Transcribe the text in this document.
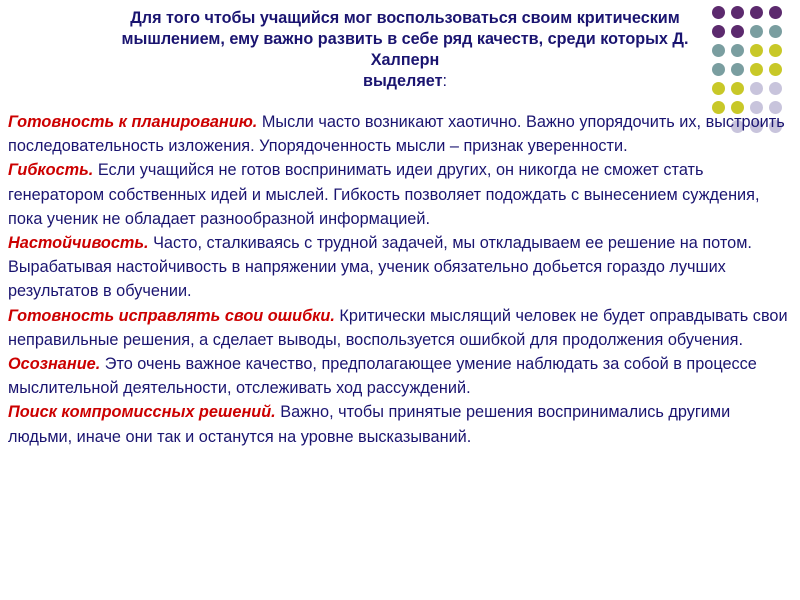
Для того чтобы учащийся мог воспользоваться своим критическим
мышлением, ему важно развить в себе ряд качеств, среди которых Д.
Халперн
выделяет:

Готовность к планированию. Мысли часто возникают хаотично. Важно упорядочить их, выстроить последовательность изложения. Упорядоченность мысли – признак уверенности.

Гибкость. Если учащийся не готов воспринимать идеи других, он никогда не сможет стать генератором собственных идей и мыслей. Гибкость позволяет подождать с вынесением суждения, пока ученик не обладает разнообразной информацией.

Настойчивость. Часто, сталкиваясь с трудной задачей, мы откладываем ее решение на потом. Вырабатывая настойчивость в напряжении ума, ученик обязательно добьется гораздо лучших результатов в обучении.

Готовность исправлять свои ошибки. Критически мыслящий человек не будет оправдывать свои неправильные решения, а сделает выводы, воспользуется ошибкой для продолжения обучения.

Осознание. Это очень важное качество, предполагающее умение наблюдать за собой в процессе мыслительной деятельности, отслеживать ход рассуждений.

Поиск компромиссных решений. Важно, чтобы принятые решения воспринимались другими людьми, иначе они так и останутся на уровне высказываний.
